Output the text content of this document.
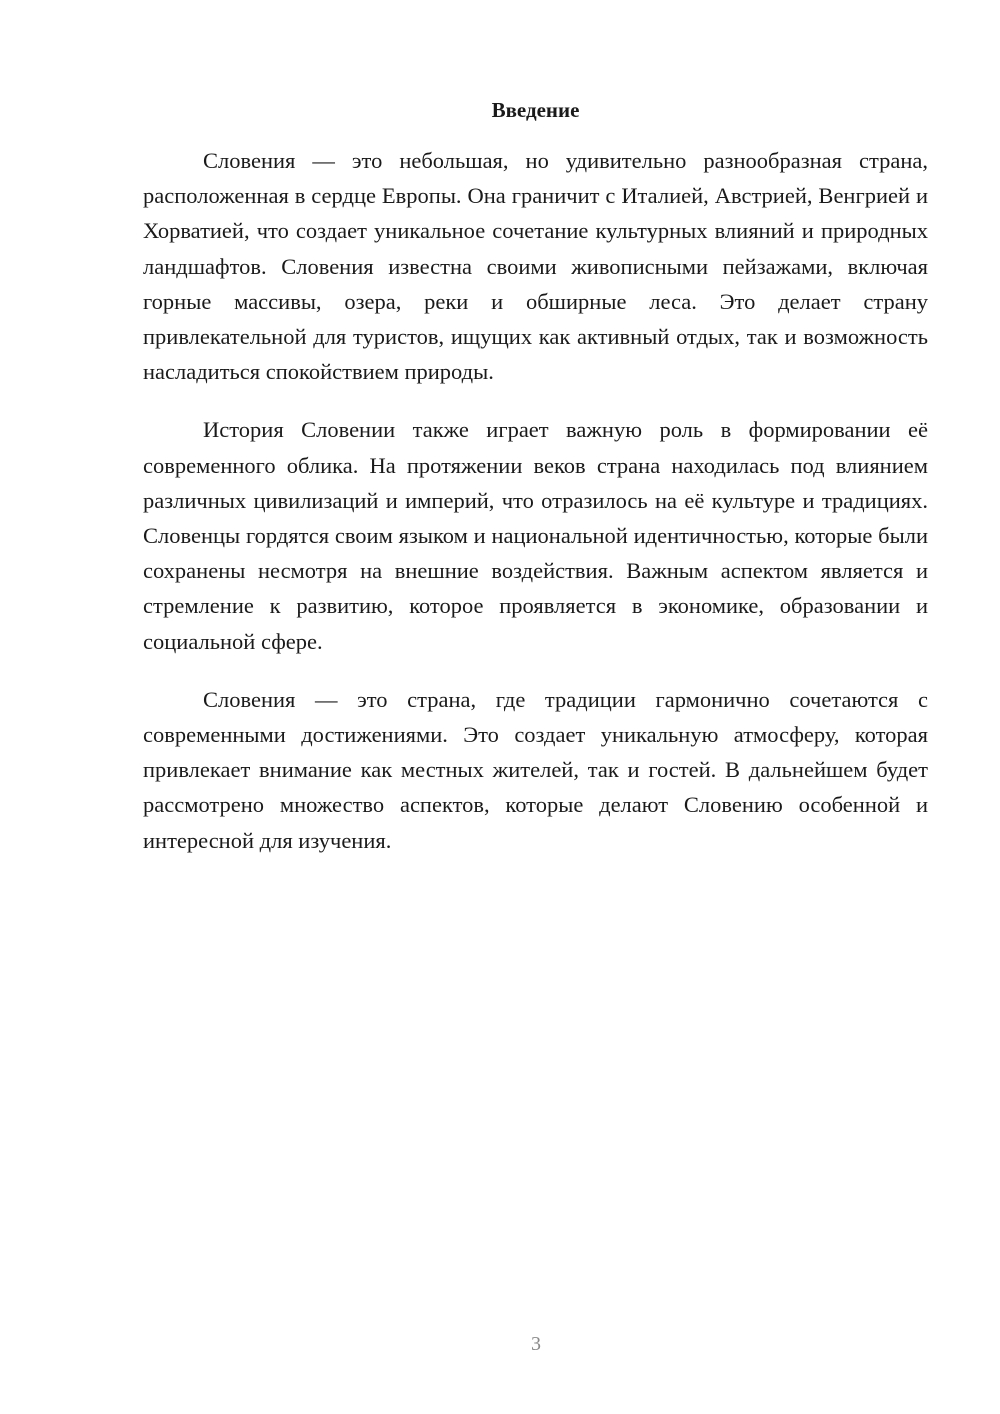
Введение

Словения — это небольшая, но удивительно разнообразная страна, расположенная в сердце Европы. Она граничит с Италией, Австрией, Венгрией и Хорватией, что создает уникальное сочетание культурных влияний и природных ландшафтов. Словения известна своими живописными пейзажами, включая горные массивы, озера, реки и обширные леса. Это делает страну привлекательной для туристов, ищущих как активный отдых, так и возможность насладиться спокойствием природы.

История Словении также играет важную роль в формировании её современного облика. На протяжении веков страна находилась под влиянием различных цивилизаций и империй, что отразилось на её культуре и традициях. Словенцы гордятся своим языком и национальной идентичностью, которые были сохранены несмотря на внешние воздействия. Важным аспектом является и стремление к развитию, которое проявляется в экономике, образовании и социальной сфере.

Словения — это страна, где традиции гармонично сочетаются с современными достижениями. Это создает уникальную атмосферу, которая привлекает внимание как местных жителей, так и гостей. В дальнейшем будет рассмотрено множество аспектов, которые делают Словению особенной и интересной для изучения.

3
